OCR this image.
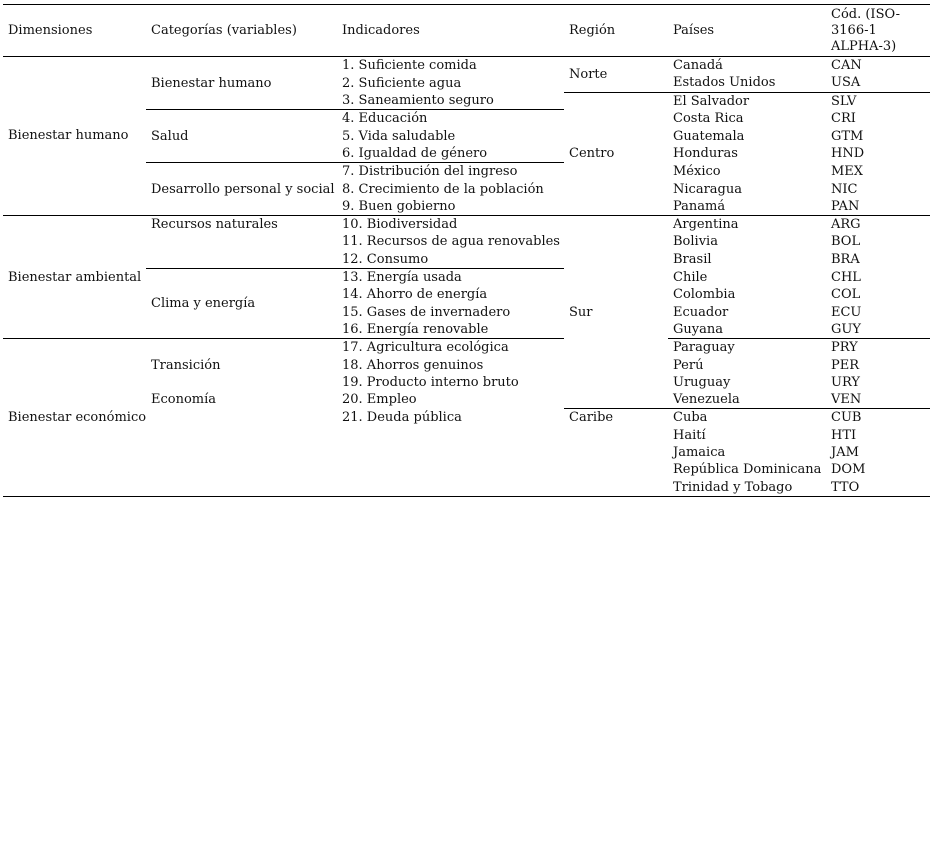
Dimensiones	Categorías (variables)	Indicadores	Región	Países	Cód. (ISO-3166-1 ALPHA-3)
Bienestar humano	Bienestar humano	1. Suficiente comida	Norte	Canadá	CAN
		2. Suficiente agua		Estados Unidos	USA
		3. Saneamiento seguro	Centro	El Salvador	SLV
	Salud	4. Educación		Costa Rica	CRI
		5. Vida saludable		Guatemala	GTM
		6. Igualdad de género		Honduras	HND
	Desarrollo personal y social	7. Distribución del ingreso		México	MEX
		8. Crecimiento de la población		Nicaragua	NIC
		9. Buen gobierno		Panamá	PAN
Bienestar ambiental	Recursos naturales	10. Biodiversidad	Sur	Argentina	ARG
		11. Recursos de agua renovables		Bolivia	BOL
		12. Consumo		Brasil	BRA
	Clima y energía	13. Energía usada		Chile	CHL
		14. Ahorro de energía		Colombia	COL
		15. Gases de invernadero		Ecuador	ECU
		16. Energía renovable		Guyana	GUY
Bienestar económico	Transición	17. Agricultura ecológica		Paraguay	PRY
		18. Ahorros genuinos		Perú	PER
		19. Producto interno bruto		Uruguay	URY
	Economía	20. Empleo		Venezuela	VEN
		21. Deuda pública	Caribe	Cuba	CUB
				Haití	HTI
				Jamaica	JAM
				República Dominicana	DOM
				Trinidad y Tobago	TTO
